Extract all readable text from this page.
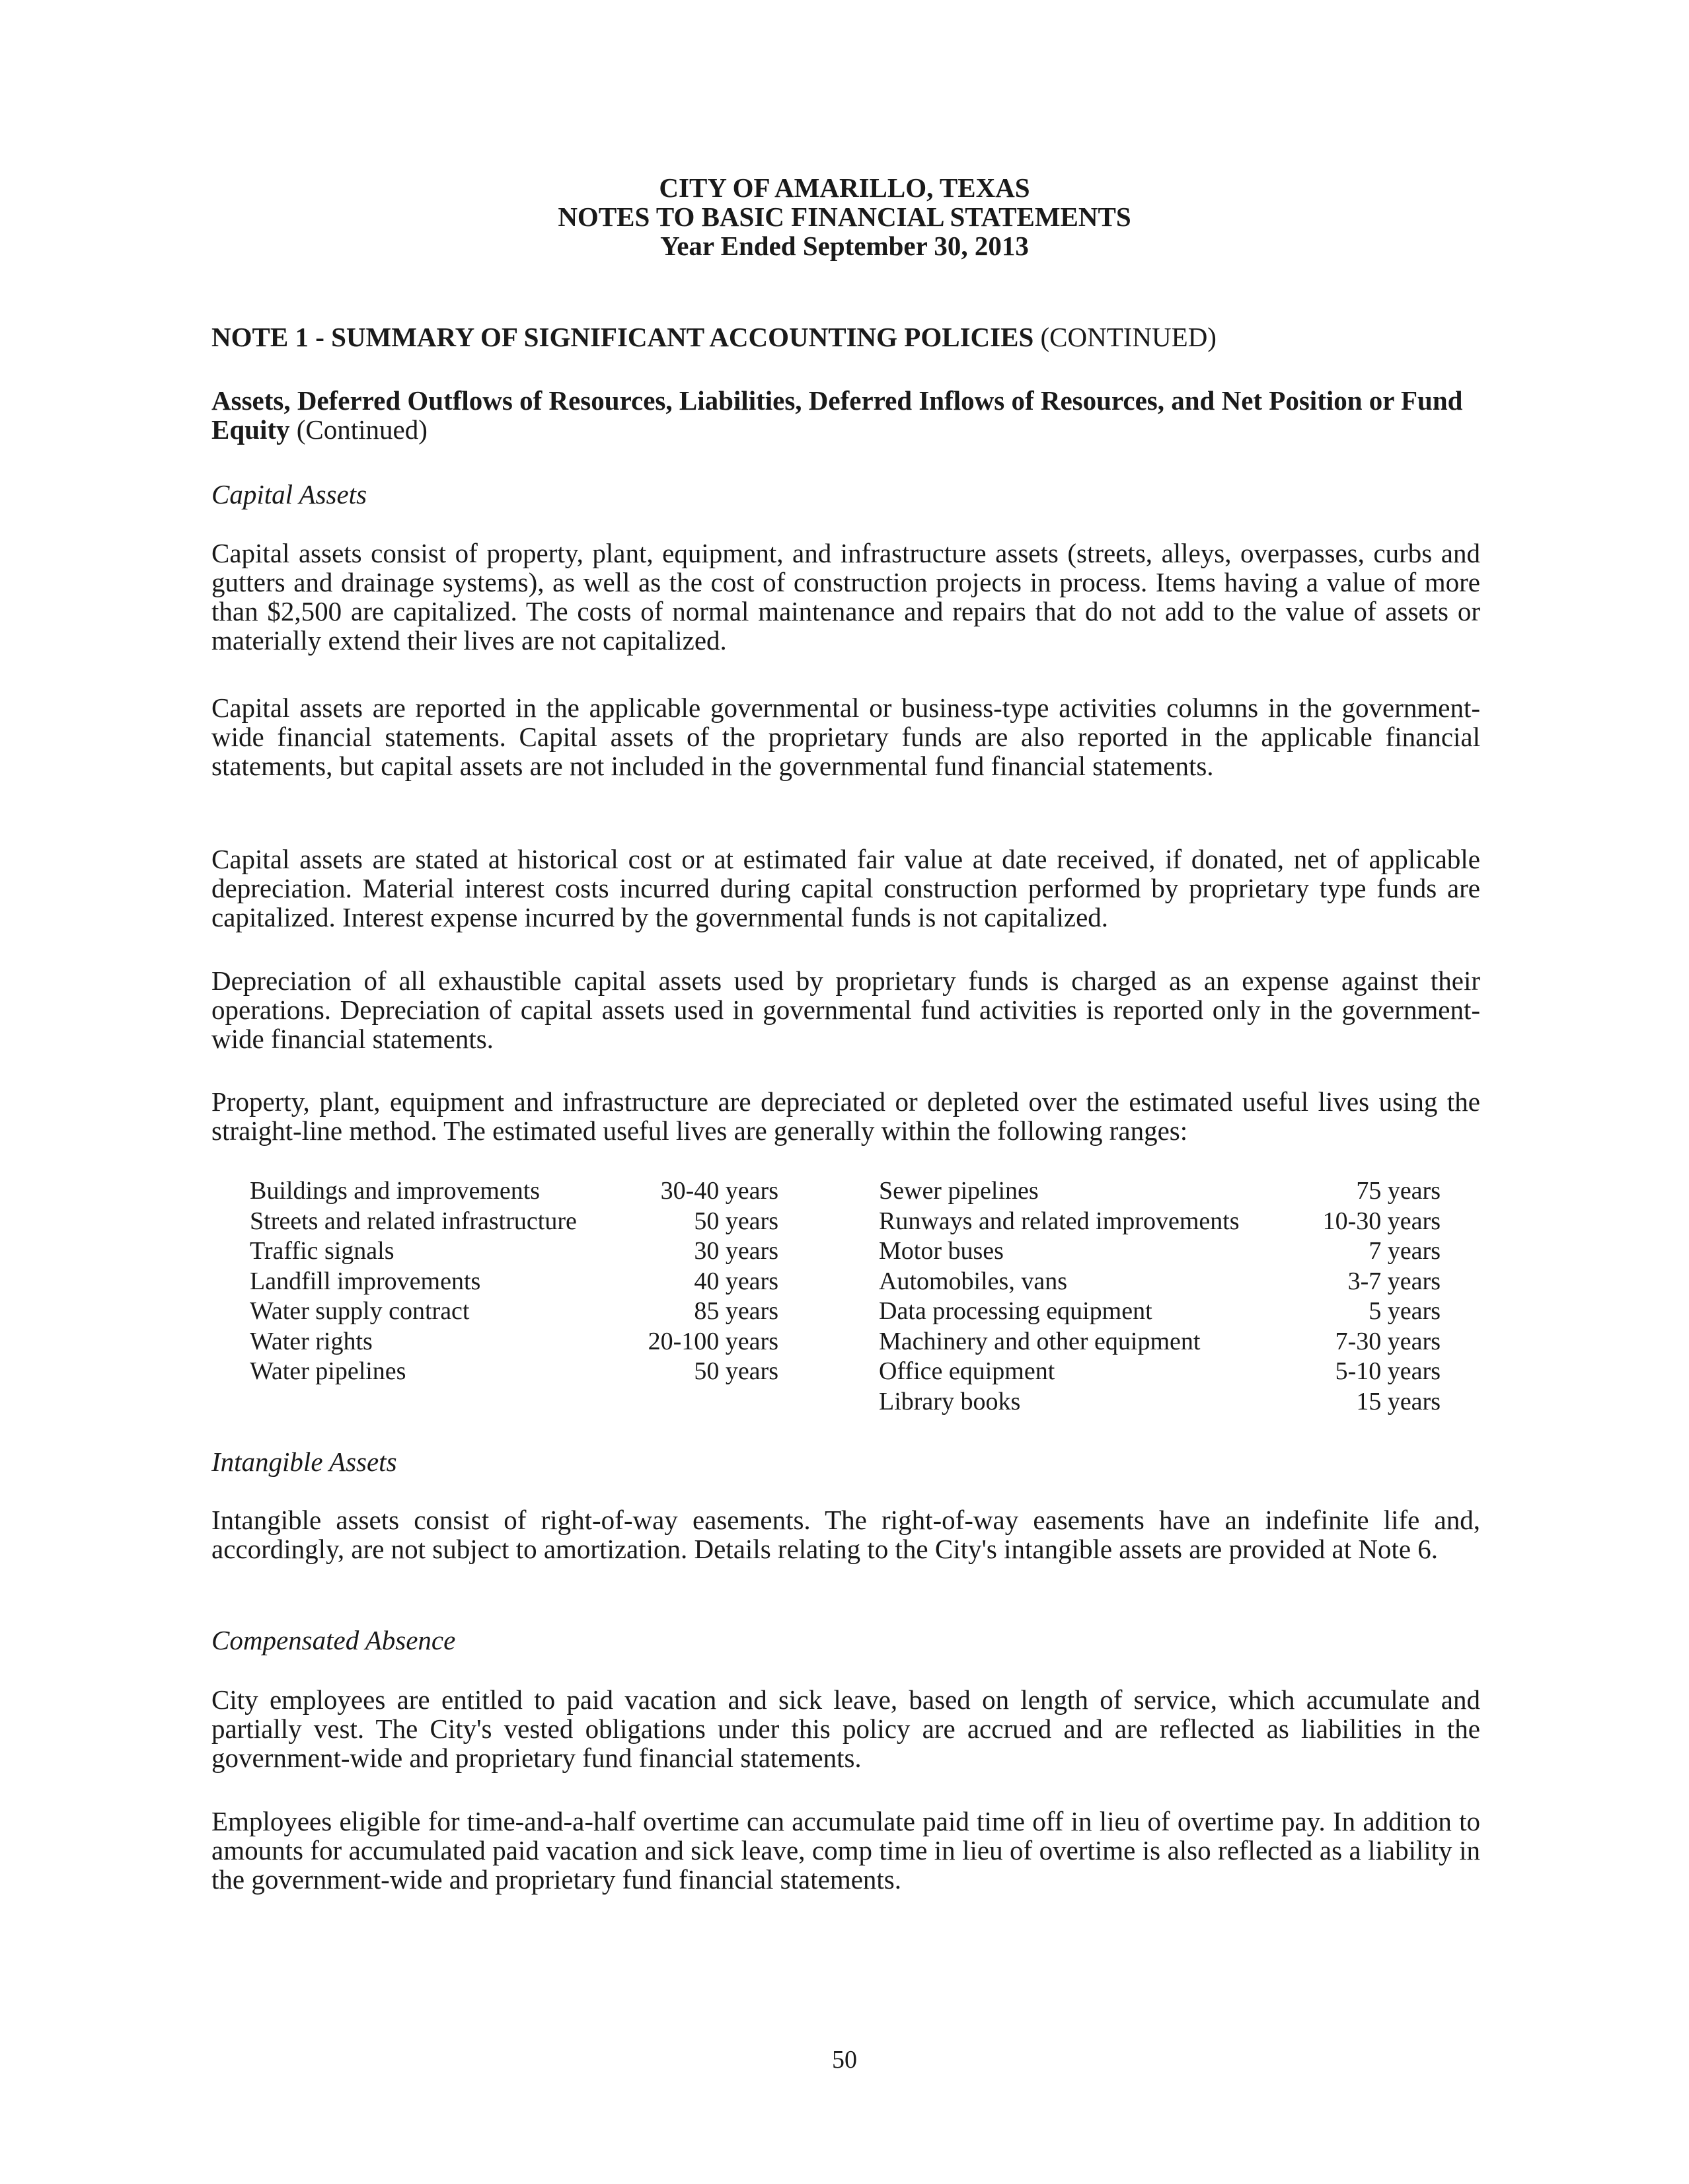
CITY OF AMARILLO, TEXAS
NOTES TO BASIC FINANCIAL STATEMENTS
Year Ended September 30, 2013
NOTE 1 - SUMMARY OF SIGNIFICANT ACCOUNTING POLICIES (CONTINUED)
Assets, Deferred Outflows of Resources, Liabilities, Deferred Inflows of Resources, and Net Position or Fund Equity (Continued)
Capital Assets
Capital assets consist of property, plant, equipment, and infrastructure assets (streets, alleys, overpasses, curbs and gutters and drainage systems), as well as the cost of construction projects in process. Items having a value of more than $2,500 are capitalized. The costs of normal maintenance and repairs that do not add to the value of assets or materially extend their lives are not capitalized.
Capital assets are reported in the applicable governmental or business-type activities columns in the government-wide financial statements. Capital assets of the proprietary funds are also reported in the applicable financial statements, but capital assets are not included in the governmental fund financial statements.
Capital assets are stated at historical cost or at estimated fair value at date received, if donated, net of applicable depreciation. Material interest costs incurred during capital construction performed by proprietary type funds are capitalized. Interest expense incurred by the governmental funds is not capitalized.
Depreciation of all exhaustible capital assets used by proprietary funds is charged as an expense against their operations. Depreciation of capital assets used in governmental fund activities is reported only in the government-wide financial statements.
Property, plant, equipment and infrastructure are depreciated or depleted over the estimated useful lives using the straight-line method. The estimated useful lives are generally within the following ranges:
Buildings and improvements	30-40 years
Streets and related infrastructure	50 years
Traffic signals	30 years
Landfill improvements	40 years
Water supply contract	85 years
Water rights	20-100 years
Water pipelines	50 years
Sewer pipelines	75 years
Runways and related improvements	10-30 years
Motor buses	7 years
Automobiles, vans	3-7 years
Data processing equipment	5 years
Machinery and other equipment	7-30 years
Office equipment	5-10 years
Library books	15 years
Intangible Assets
Intangible assets consist of right-of-way easements. The right-of-way easements have an indefinite life and, accordingly, are not subject to amortization. Details relating to the City's intangible assets are provided at Note 6.
Compensated Absence
City employees are entitled to paid vacation and sick leave, based on length of service, which accumulate and partially vest. The City's vested obligations under this policy are accrued and are reflected as liabilities in the government-wide and proprietary fund financial statements.
Employees eligible for time-and-a-half overtime can accumulate paid time off in lieu of overtime pay. In addition to amounts for accumulated paid vacation and sick leave, comp time in lieu of overtime is also reflected as a liability in the government-wide and proprietary fund financial statements.
50
